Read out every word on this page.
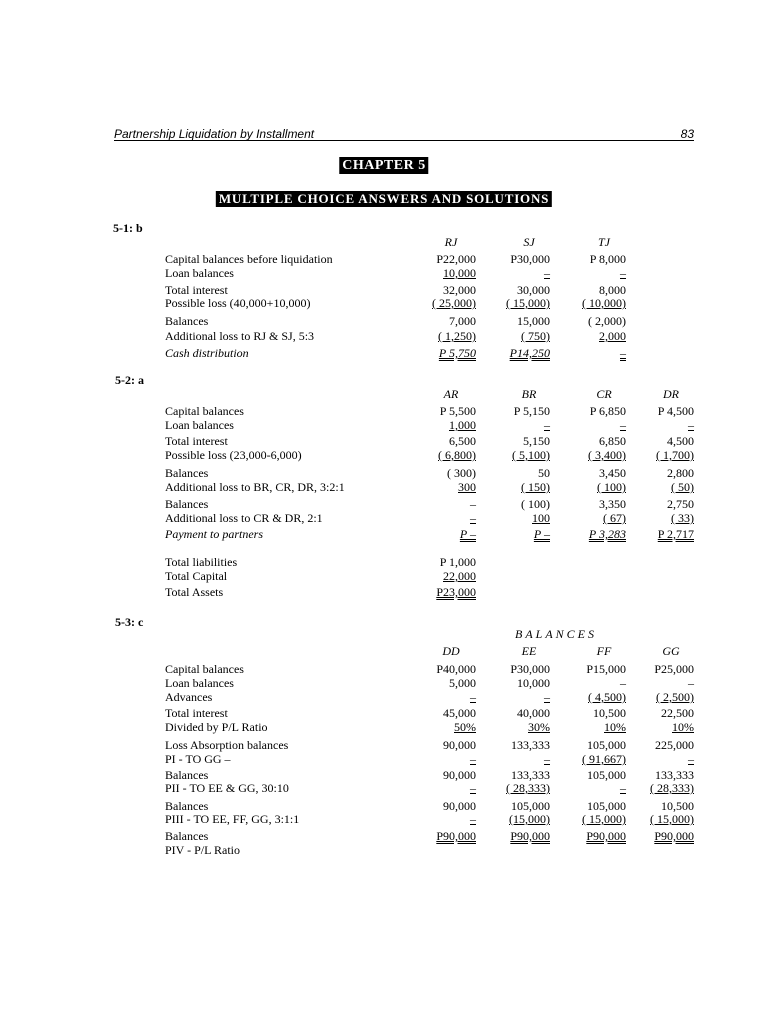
Partnership Liquidation by Installment	83
CHAPTER 5
MULTIPLE CHOICE ANSWERS AND SOLUTIONS
5-1: b
RJ	SJ	TJ
Capital balances before liquidation	P22,000	P30,000	P 8,000
Loan balances	10,000	–	–
Total interest	32,000	30,000	8,000
Possible loss (40,000+10,000)	( 25,000)	( 15,000)	( 10,000)
Balances	7,000	15,000	( 2,000)
Additional loss to RJ & SJ, 5:3	( 1,250)	( 750)	2,000
Cash distribution	P 5,750	P14,250	–
5-2: a
AR	BR	CR	DR
Capital balances	P 5,500	P 5,150	P 6,850	P 4,500
Loan balances	1,000	–	–	–
Total interest	6,500	5,150	6,850	4,500
Possible loss (23,000-6,000)	( 6,800)	( 5,100)	( 3,400)	( 1,700)
Balances	( 300)	50	3,450	2,800
Additional loss to BR, CR, DR, 3:2:1	300	( 150)	( 100)	( 50)
Balances	–	( 100)	3,350	2,750
Additional loss to CR & DR, 2:1	–	100	( 67)	( 33)
Payment to partners	P –	P –	P 3,283	P 2,717
Total liabilities	P 1,000
Total Capital	22,000
Total Assets	P23,000
5-3: c
BALANCES
DD	EE	FF	GG
Capital balances	P40,000	P30,000	P15,000	P25,000
Loan balances	5,000	10,000	–	–
Advances	–	–	( 4,500)	( 2,500)
Total interest	45,000	40,000	10,500	22,500
Divided by P/L Ratio	50%	30%	10%	10%
Loss Absorption balances	90,000	133,333	105,000	225,000
PI - TO GG –	–	–	( 91,667)	–
Balances	90,000	133,333	105,000	133,333
PII - TO EE & GG, 30:10	–	( 28,333)	–	( 28,333)
Balances	90,000	105,000	105,000	10,500
PIII - TO EE, FF, GG, 3:1:1	–	(15,000)	( 15,000)	( 15,000)
Balances	P90,000	P90,000	P90,000	P90,000
PIV - P/L Ratio
